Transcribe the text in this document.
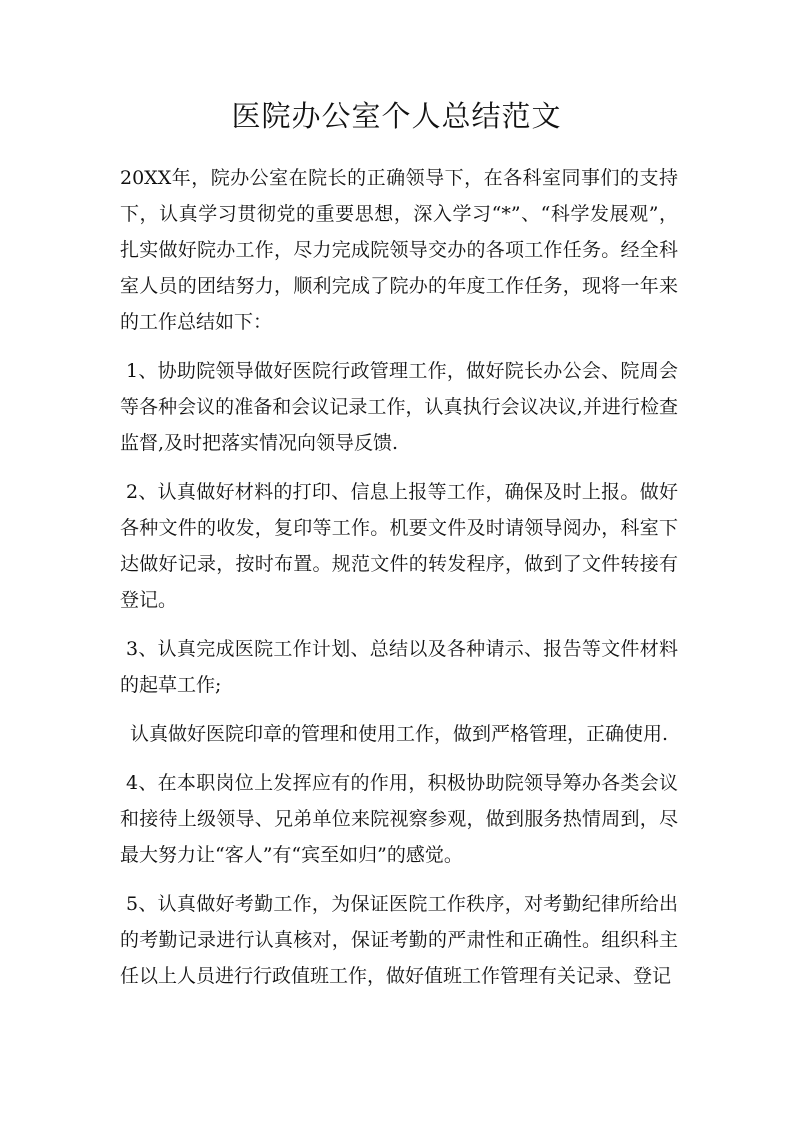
医院办公室个人总结范文

20XX年，院办公室在院长的正确领导下，在各科室同事们的支持下，认真学习贯彻党的重要思想，深入学习“*”、“科学发展观”，扎实做好院办工作，尽力完成院领导交办的各项工作任务。经全科室人员的团结努力，顺利完成了院办的年度工作任务，现将一年来的工作总结如下：

1、协助院领导做好医院行政管理工作，做好院长办公会、院周会等各种会议的准备和会议记录工作，认真执行会议决议,并进行检查监督,及时把落实情况向领导反馈.

2、认真做好材料的打印、信息上报等工作，确保及时上报。做好各种文件的收发，复印等工作。机要文件及时请领导阅办，科室下达做好记录，按时布置。规范文件的转发程序，做到了文件转接有登记。

3、认真完成医院工作计划、总结以及各种请示、报告等文件材料的起草工作;

认真做好医院印章的管理和使用工作，做到严格管理，正确使用.

4、在本职岗位上发挥应有的作用，积极协助院领导筹办各类会议和接待上级领导、兄弟单位来院视察参观，做到服务热情周到，尽最大努力让“客人”有“宾至如归”的感觉。

5、认真做好考勤工作，为保证医院工作秩序，对考勤纪律所给出的考勤记录进行认真核对，保证考勤的严肃性和正确性。组织科主任以上人员进行行政值班工作，做好值班工作管理有关记录、登记
